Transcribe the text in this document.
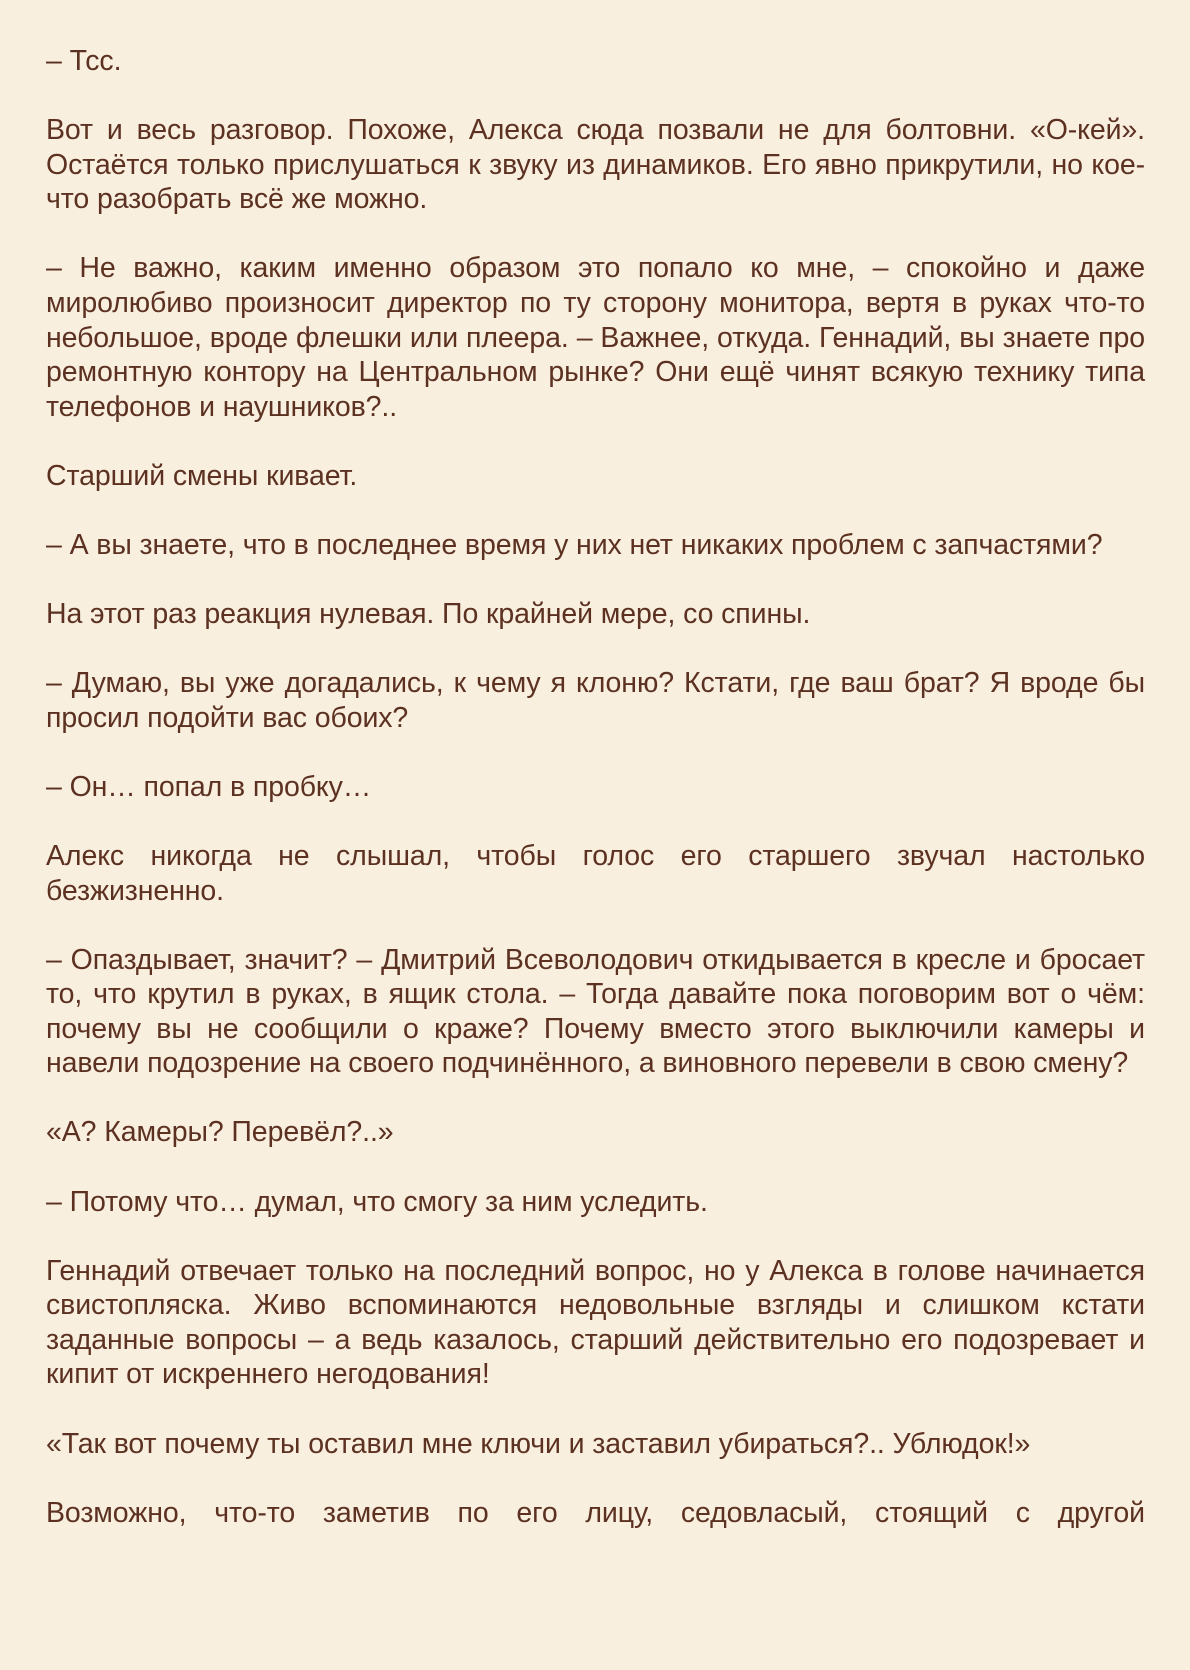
– Тсс.

Вот и весь разговор. Похоже, Алекса сюда позвали не для болтовни. «О-кей». Остаётся только прислушаться к звуку из динамиков. Его явно прикрутили, но кое-что разобрать всё же можно.

– Не важно, каким именно образом это попало ко мне, – спокойно и даже миролюбиво произносит директор по ту сторону монитора, вертя в руках что-то небольшое, вроде флешки или плеера. – Важнее, откуда. Геннадий, вы знаете про ремонтную контору на Центральном рынке? Они ещё чинят всякую технику типа телефонов и наушников?..

Старший смены кивает.

– А вы знаете, что в последнее время у них нет никаких проблем с запчастями?

На этот раз реакция нулевая. По крайней мере, со спины.

– Думаю, вы уже догадались, к чему я клоню? Кстати, где ваш брат? Я вроде бы просил подойти вас обоих?

– Он… попал в пробку…

Алекс никогда не слышал, чтобы голос его старшего звучал настолько безжизненно.

– Опаздывает, значит? – Дмитрий Всеволодович откидывается в кресле и бросает то, что крутил в руках, в ящик стола. – Тогда давайте пока поговорим вот о чём: почему вы не сообщили о краже? Почему вместо этого выключили камеры и навели подозрение на своего подчинённого, а виновного перевели в свою смену?

«А? Камеры? Перевёл?..»

– Потому что… думал, что смогу за ним уследить.

Геннадий отвечает только на последний вопрос, но у Алекса в голове начинается свистопляска. Живо вспоминаются недовольные взгляды и слишком кстати заданные вопросы – а ведь казалось, старший действительно его подозревает и кипит от искреннего негодования!

«Так вот почему ты оставил мне ключи и заставил убираться?.. Ублюдок!»

Возможно, что-то заметив по его лицу, седовласый, стоящий с другой
